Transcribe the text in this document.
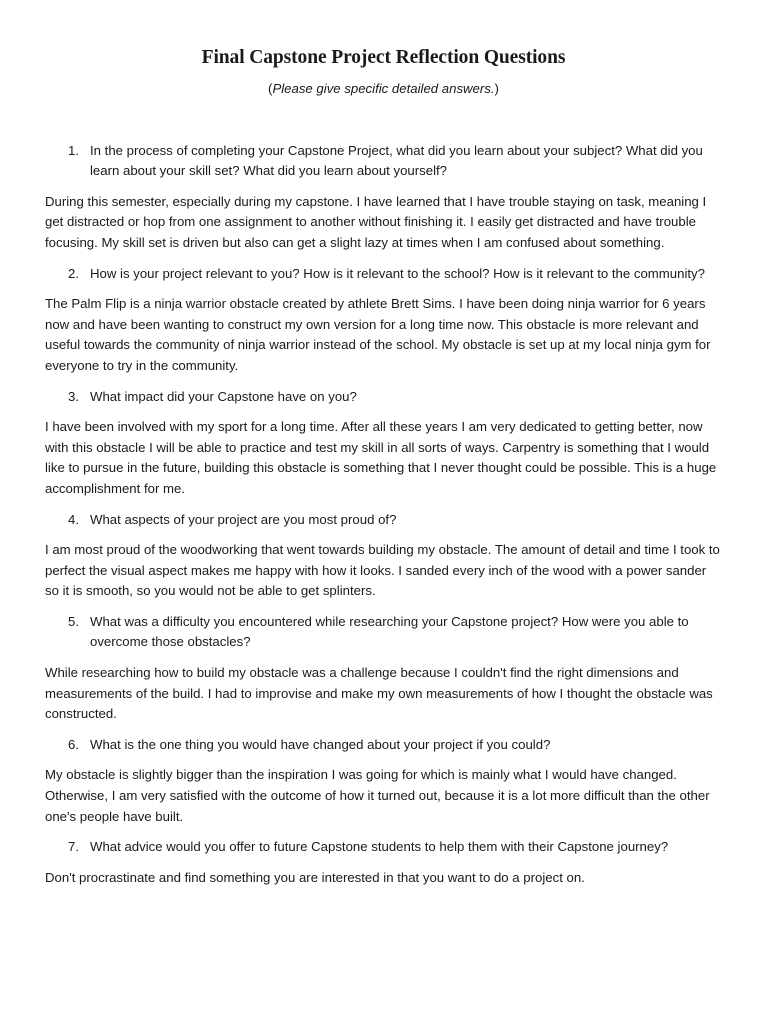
Final Capstone Project Reflection Questions

(Please give specific detailed answers.)

1. In the process of completing your Capstone Project, what did you learn about your subject? What did you learn about your skill set? What did you learn about yourself?

During this semester, especially during my capstone. I have learned that I have trouble staying on task, meaning I get distracted or hop from one assignment to another without finishing it. I easily get distracted and have trouble focusing. My skill set is driven but also can get a slight lazy at times when I am confused about something.

2. How is your project relevant to you? How is it relevant to the school? How is it relevant to the community?

The Palm Flip is a ninja warrior obstacle created by athlete Brett Sims. I have been doing ninja warrior for 6 years now and have been wanting to construct my own version for a long time now. This obstacle is more relevant and useful towards the community of ninja warrior instead of the school. My obstacle is set up at my local ninja gym for everyone to try in the community.

3. What impact did your Capstone have on you?

I have been involved with my sport for a long time. After all these years I am very dedicated to getting better, now with this obstacle I will be able to practice and test my skill in all sorts of ways. Carpentry is something that I would like to pursue in the future, building this obstacle is something that I never thought could be possible. This is a huge accomplishment for me.

4. What aspects of your project are you most proud of?

I am most proud of the woodworking that went towards building my obstacle. The amount of detail and time I took to perfect the visual aspect makes me happy with how it looks. I sanded every inch of the wood with a power sander so it is smooth, so you would not be able to get splinters.

5. What was a difficulty you encountered while researching your Capstone project? How were you able to overcome those obstacles?

While researching how to build my obstacle was a challenge because I couldn't find the right dimensions and measurements of the build. I had to improvise and make my own measurements of how I thought the obstacle was constructed.

6. What is the one thing you would have changed about your project if you could?

My obstacle is slightly bigger than the inspiration I was going for which is mainly what I would have changed. Otherwise, I am very satisfied with the outcome of how it turned out, because it is a lot more difficult than the other one's people have built.

7. What advice would you offer to future Capstone students to help them with their Capstone journey?

Don't procrastinate and find something you are interested in that you want to do a project on.
